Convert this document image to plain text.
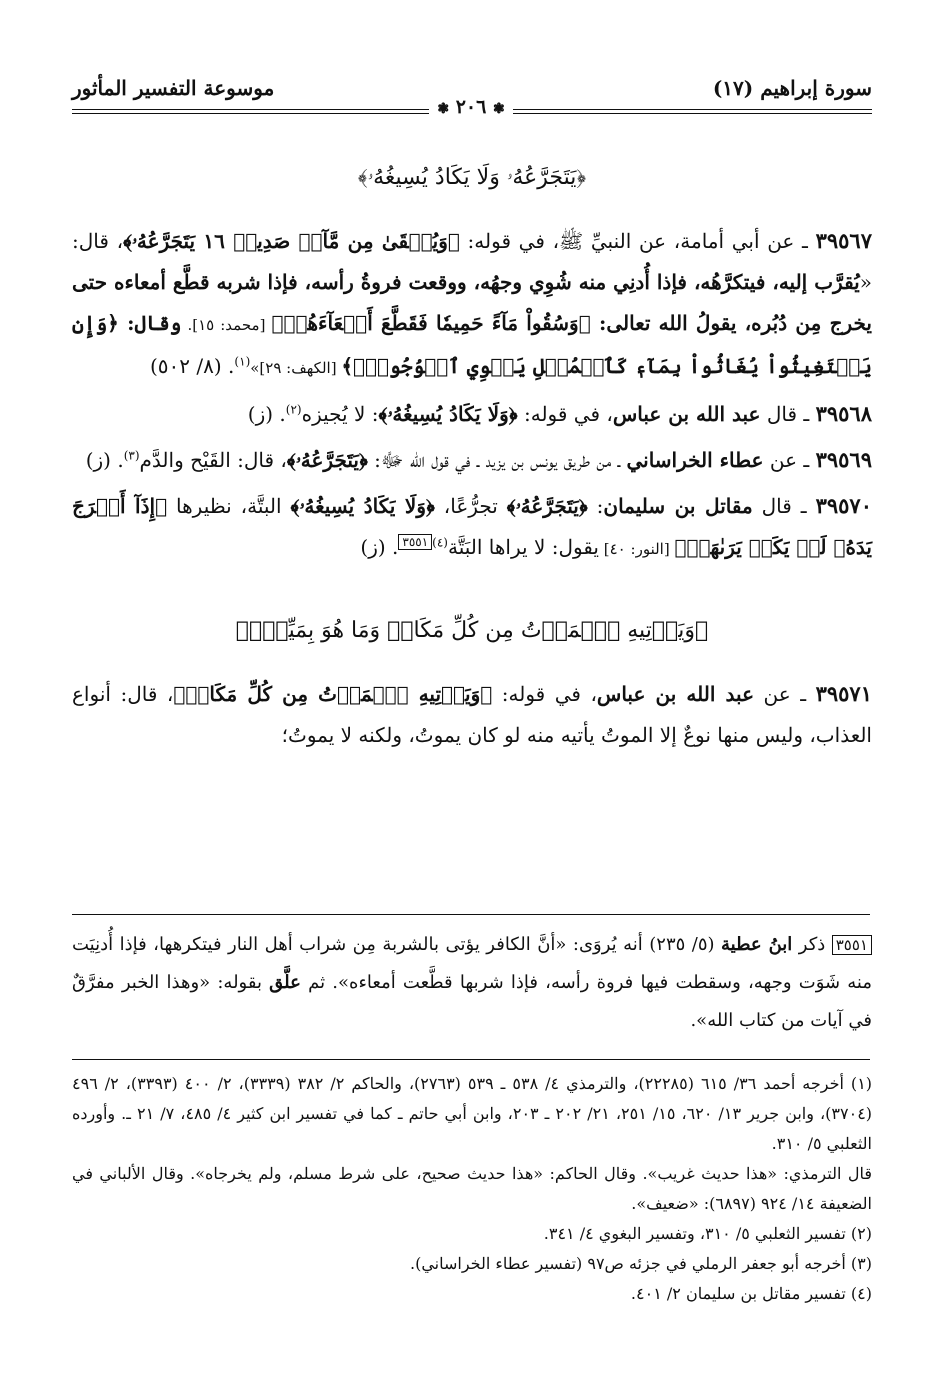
سورة إبراهيم (١٧)
موسوعة التفسير المأثور
❃ ٢٠٦ ❃
﴿يَتَجَرَّعُهُۥ وَلَا يَكَادُ يُسِيغُهُۥ﴾

٣٩٥٦٧ ـ عن أبي أمامة، عن النبيِّ ﷺ، في قوله: ﴿وَيُسۡقَىٰ مِن مَّآءٖ صَدِيدٖ ١٦ يَتَجَرَّعُهُۥ﴾، قال: «يُقرَّب إليه، فيتكرَّهُه، فإذا أُدنِي منه شُوِي وجهُه، ووقعت فروةُ رأسه، فإذا شربه قطَّع أمعاءه حتى يخرج مِن دُبُره، يقولُ الله تعالى: ﴿وَسُقُواْ مَآءً حَمِيمٗا فَقَطَّعَ أَمۡعَآءَهُمۡ﴾ [محمد: ١٥]. وقال: ﴿وَإِن يَسۡتَغِيثُواْ يُغَاثُواْ بِمَآءٖ كَٱلۡمُهۡلِ يَشۡوِي ٱلۡوُجُوهَۚ﴾ [الكهف: ٢٩]»$^{(١)}$. (٨/ ٥٠٢)

٣٩٥٦٨ ـ قال عبد الله بن عباس، في قوله: ﴿وَلَا يَكَادُ يُسِيغُهُۥ﴾: لا يُجيزه$^{(٢)}$. (ز)

٣٩٥٦٩ ـ عن عطاء الخراساني ـ من طريق يونس بن يزيد ـ في قول الله ﷻ: ﴿يَتَجَرَّعُهُۥ﴾، قال: القَيْح والدَّم$^{(٣)}$. (ز)

٣٩٥٧٠ ـ قال مقاتل بن سليمان: ﴿يَتَجَرَّعُهُۥ﴾ تجرُّعًا، ﴿وَلَا يَكَادُ يُسِيغُهُۥ﴾ البتَّة، نظيرها ﴿إِذَآ أَخۡرَجَ يَدَهُۥ لَمۡ يَكَدۡ يَرَىٰهَاۗ﴾ [النور: ٤٠] يقول: لا يراها البَتَّة$^{(٤)٣٥٥١}$. (ز)

﴿وَيَأۡتِيهِ ٱلۡمَوۡتُ مِن كُلِّ مَكَانٖ وَمَا هُوَ بِمَيِّتٖۖ﴾

٣٩٥٧١ ـ عن عبد الله بن عباس، في قوله: ﴿وَيَأۡتِيهِ ٱلۡمَوۡتُ مِن كُلِّ مَكَانٖ﴾، قال: أنواع العذاب، وليس منها نوعٌ إلا الموتُ يأتيه منه لو كان يموتُ، ولكنه لا يموتُ؛

٣٥٥١ ذكر ابنُ عطية (٥/ ٢٣٥) أنه يُروَى: «أنَّ الكافر يؤتى بالشربة مِن شراب أهل النار فيتكرهها، فإذا أُدنِيَت منه شَوَت وجهه، وسقطت فيها فروة رأسه، فإذا شربها قطَّعت أمعاءه». ثم علَّق بقوله: «وهذا الخبر مفرَّقٌ في آيات من كتاب الله».

(١) أخرجه أحمد ٣٦/ ٦١٥ (٢٢٢٨٥)، والترمذي ٤/ ٥٣٨ ـ ٥٣٩ (٢٧٦٣)، والحاكم ٢/ ٣٨٢ (٣٣٣٩)، ٢/ ٤٠٠ (٣٣٩٣)، ٢/ ٤٩٦ (٣٧٠٤)، وابن جرير ١٣/ ٦٢٠، ١٥/ ٢٥١، ٢١/ ٢٠٢ ـ ٢٠٣، وابن أبي حاتم ـ كما في تفسير ابن كثير ٤/ ٤٨٥، ٧/ ٢١ ـ. وأورده الثعلبي ٥/ ٣١٠.

قال الترمذي: «هذا حديث غريب». وقال الحاكم: «هذا حديث صحيح، على شرط مسلم، ولم يخرجاه». وقال الألباني في الضعيفة ١٤/ ٩٢٤ (٦٨٩٧): «ضعيف».

(٢) تفسير الثعلبي ٥/ ٣١٠، وتفسير البغوي ٤/ ٣٤١.

(٣) أخرجه أبو جعفر الرملي في جزئه ص٩٧ (تفسير عطاء الخراساني).

(٤) تفسير مقاتل بن سليمان ٢/ ٤٠١.
